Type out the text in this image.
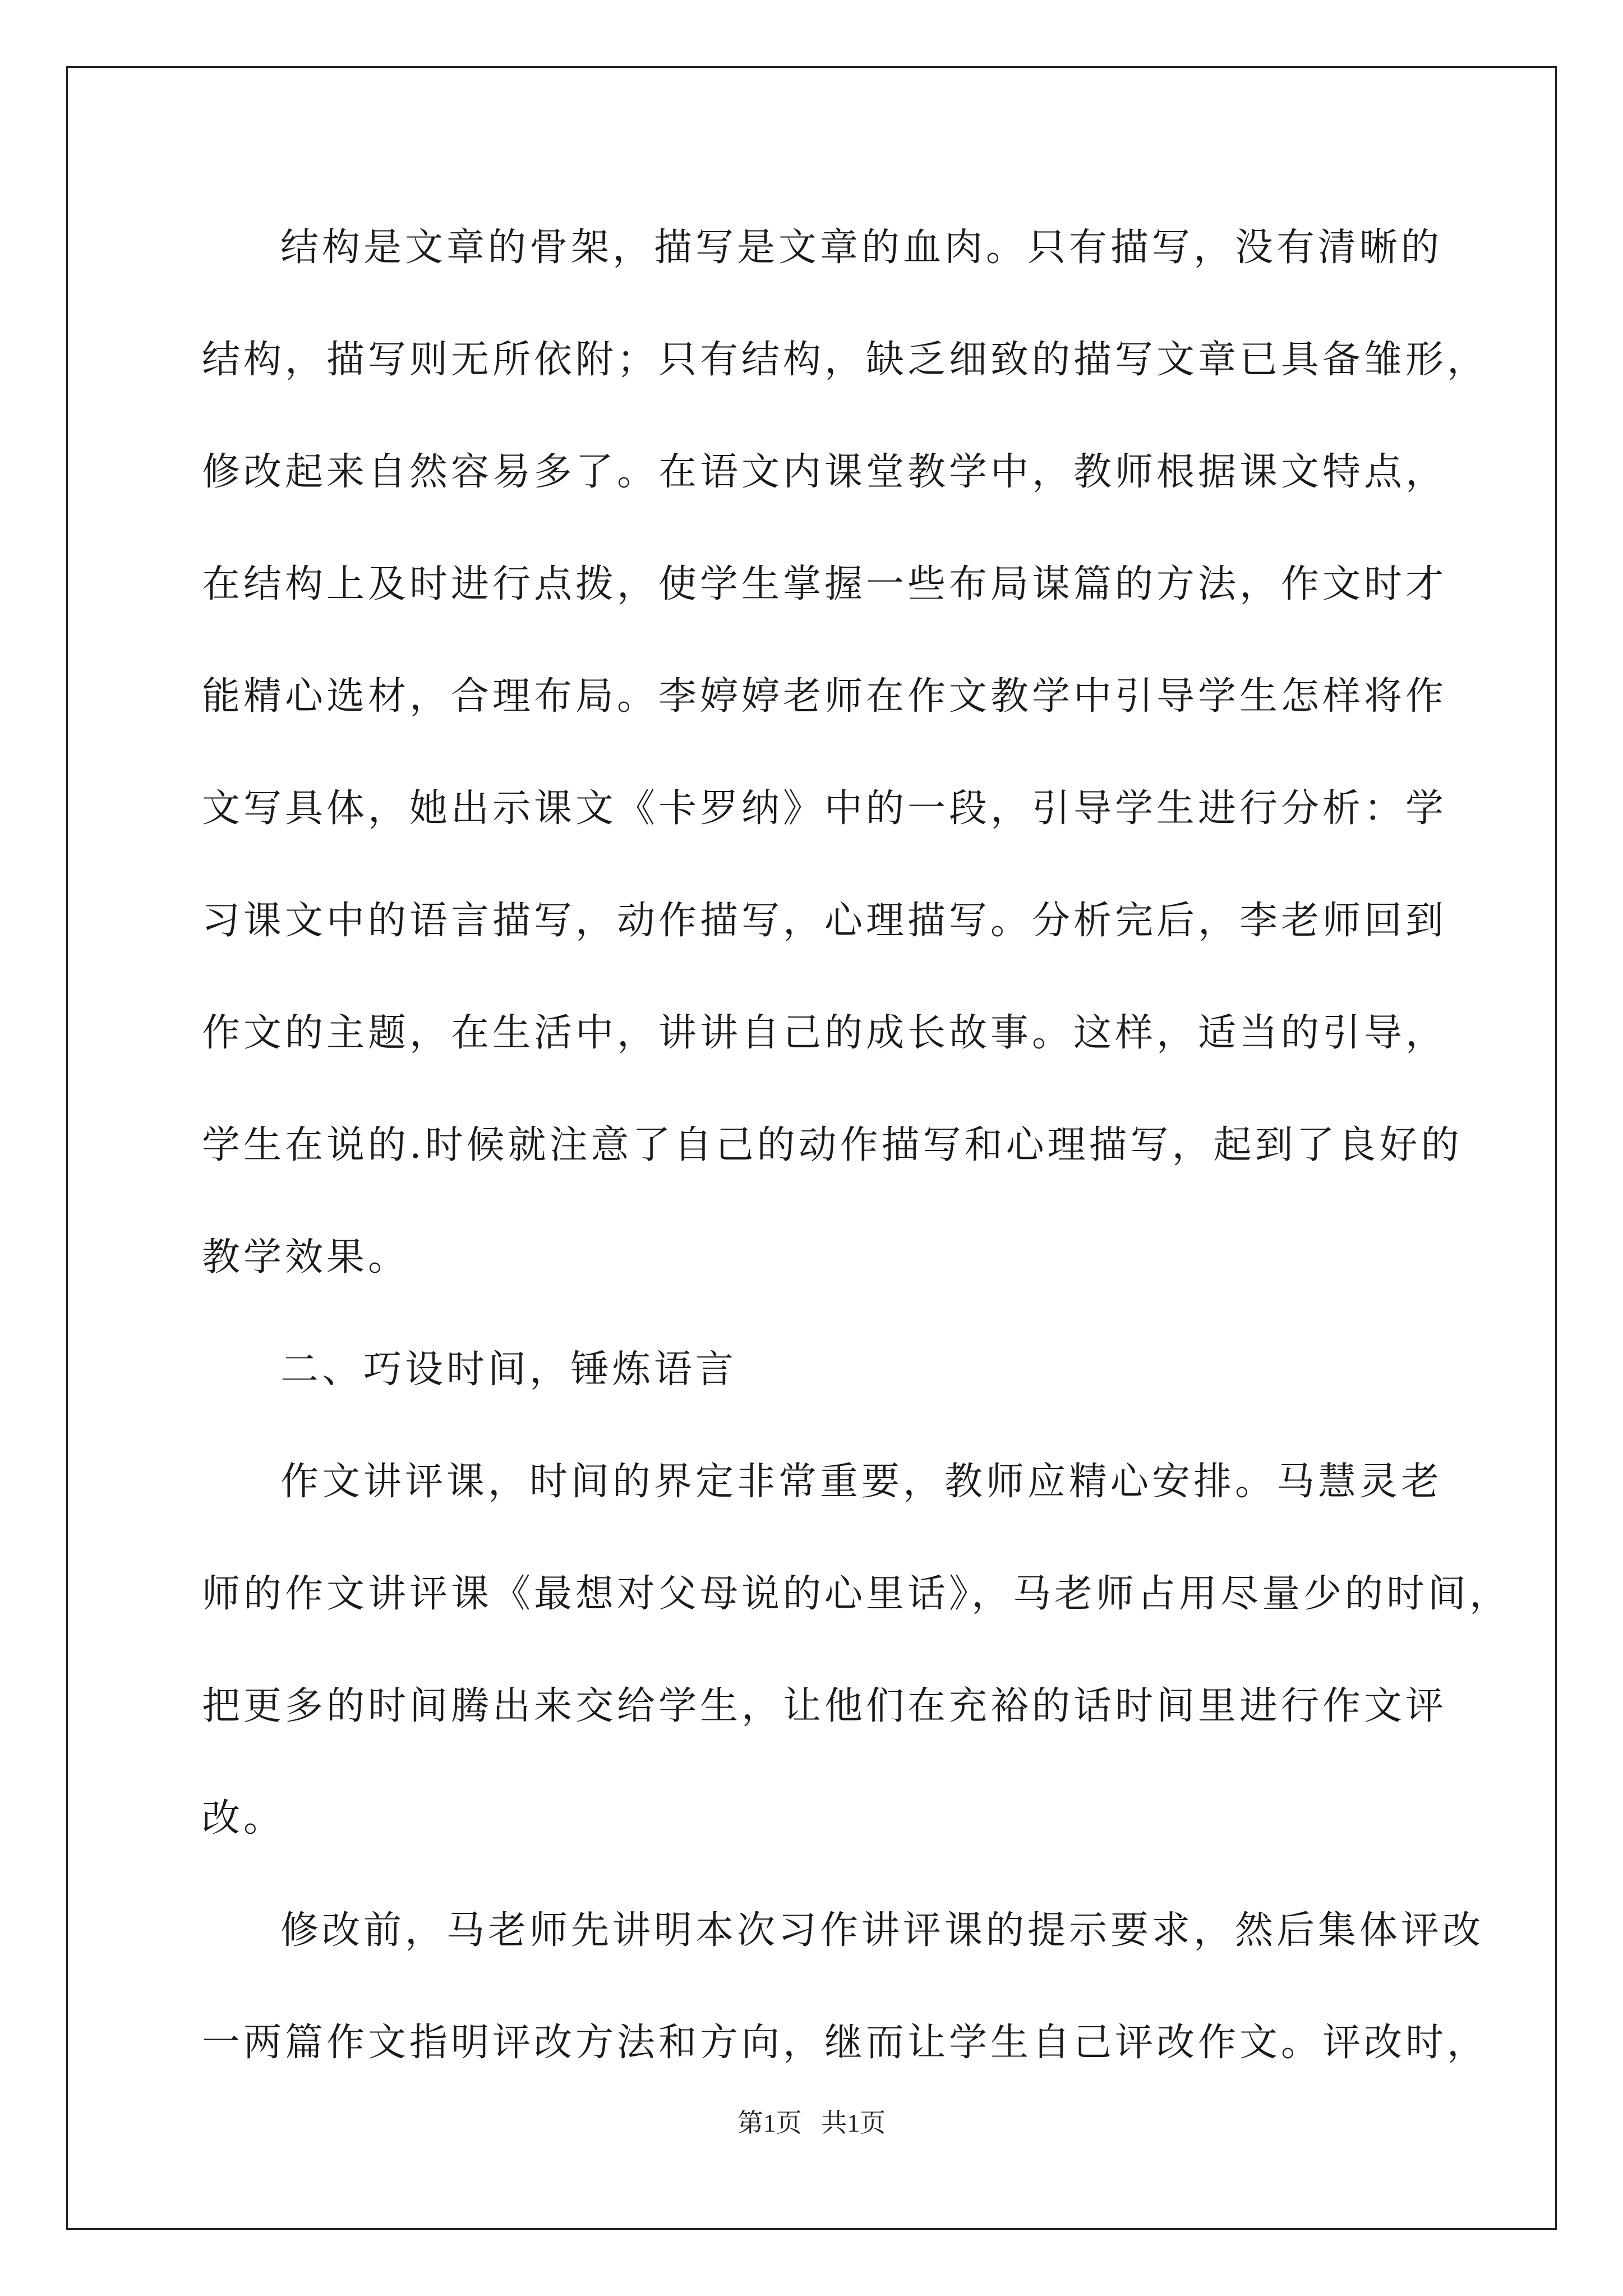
结构是文章的骨架，描写是文章的血肉。只有描写，没有清晰的
结构，描写则无所依附；只有结构，缺乏细致的描写文章已具备雏形，
修改起来自然容易多了。在语文内课堂教学中，教师根据课文特点，
在结构上及时进行点拨，使学生掌握一些布局谋篇的方法，作文时才
能精心选材，合理布局。李婷婷老师在作文教学中引导学生怎样将作
文写具体，她出示课文《卡罗纳》中的一段，引导学生进行分析：学
习课文中的语言描写，动作描写，心理描写。分析完后，李老师回到
作文的主题，在生活中，讲讲自己的成长故事。这样，适当的引导，
学生在说的.时候就注意了自己的动作描写和心理描写，起到了良好的
教学效果。
二、巧设时间，锤炼语言
作文讲评课，时间的界定非常重要，教师应精心安排。马慧灵老
师的作文讲评课《最想对父母说的心里话》，马老师占用尽量少的时间，
把更多的时间腾出来交给学生，让他们在充裕的话时间里进行作文评
改。
修改前，马老师先讲明本次习作讲评课的提示要求，然后集体评改
一两篇作文指明评改方法和方向，继而让学生自己评改作文。评改时，
第1页   共1页
